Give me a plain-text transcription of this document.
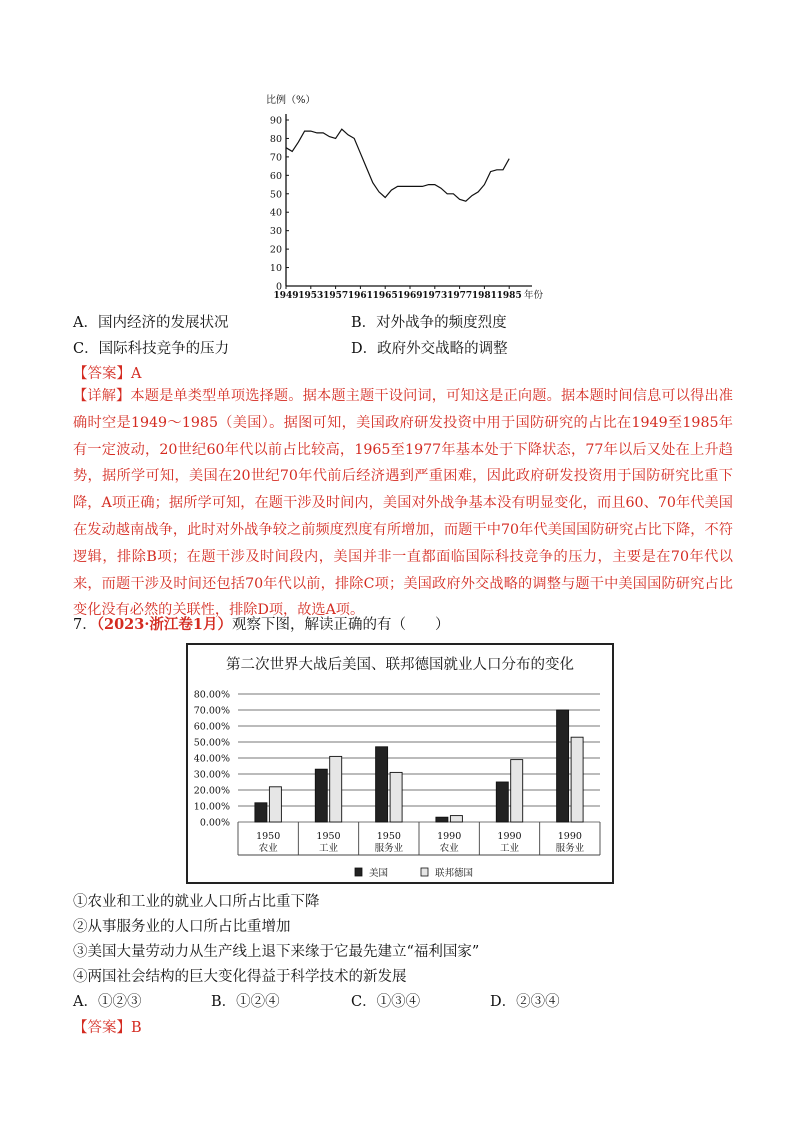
比例（%）
90
80
70
60
50
40
30
20
10
0
1949 1953 1957 1961 1965 1969 1973 1977 1981 1985 年份
A．国内经济的发展状况	B．对外战争的频度烈度
C．国际科技竞争的压力	D．政府外交战略的调整
【答案】A
【详解】本题是单类型单项选择题。据本题主题干设问词，可知这是正向题。据本题时间信息可以得出准确时空是1949～1985（美国）。据图可知，美国政府研发投资中用于国防研究的占比在1949至1985年有一定波动，20世纪60年代以前占比较高，1965至1977年基本处于下降状态，77年以后又处在上升趋势，据所学可知，美国在20世纪70年代前后经济遇到严重困难，因此政府研发投资用于国防研究比重下降，A项正确；据所学可知，在题干涉及时间内，美国对外战争基本没有明显变化，而且60、70年代美国在发动越南战争，此时对外战争较之前频度烈度有所增加，而题干中70年代美国国防研究占比下降，不符逻辑，排除B项；在题干涉及时间段内，美国并非一直都面临国际科技竞争的压力，主要是在70年代以来，而题干涉及时间还包括70年代以前，排除C项；美国政府外交战略的调整与题干中美国国防研究占比变化没有必然的关联性，排除D项，故选A项。
7．（2023·浙江卷1月）观察下图，解读正确的有（　　）
第二次世界大战后美国、联邦德国就业人口分布的变化
80.00%
70.00%
60.00%
50.00%
40.00%
30.00%
20.00%
10.00%
0.00%
1950
农业
1950
工业
1950
服务业
1990
农业
1990
工业
1990
服务业
美国	联邦德国
①农业和工业的就业人口所占比重下降
②从事服务业的人口所占比重增加
③美国大量劳动力从生产线上退下来缘于它最先建立“福利国家”
④两国社会结构的巨大变化得益于科学技术的新发展
A．①②③	B．①②④	C．①③④	D．②③④
【答案】B
